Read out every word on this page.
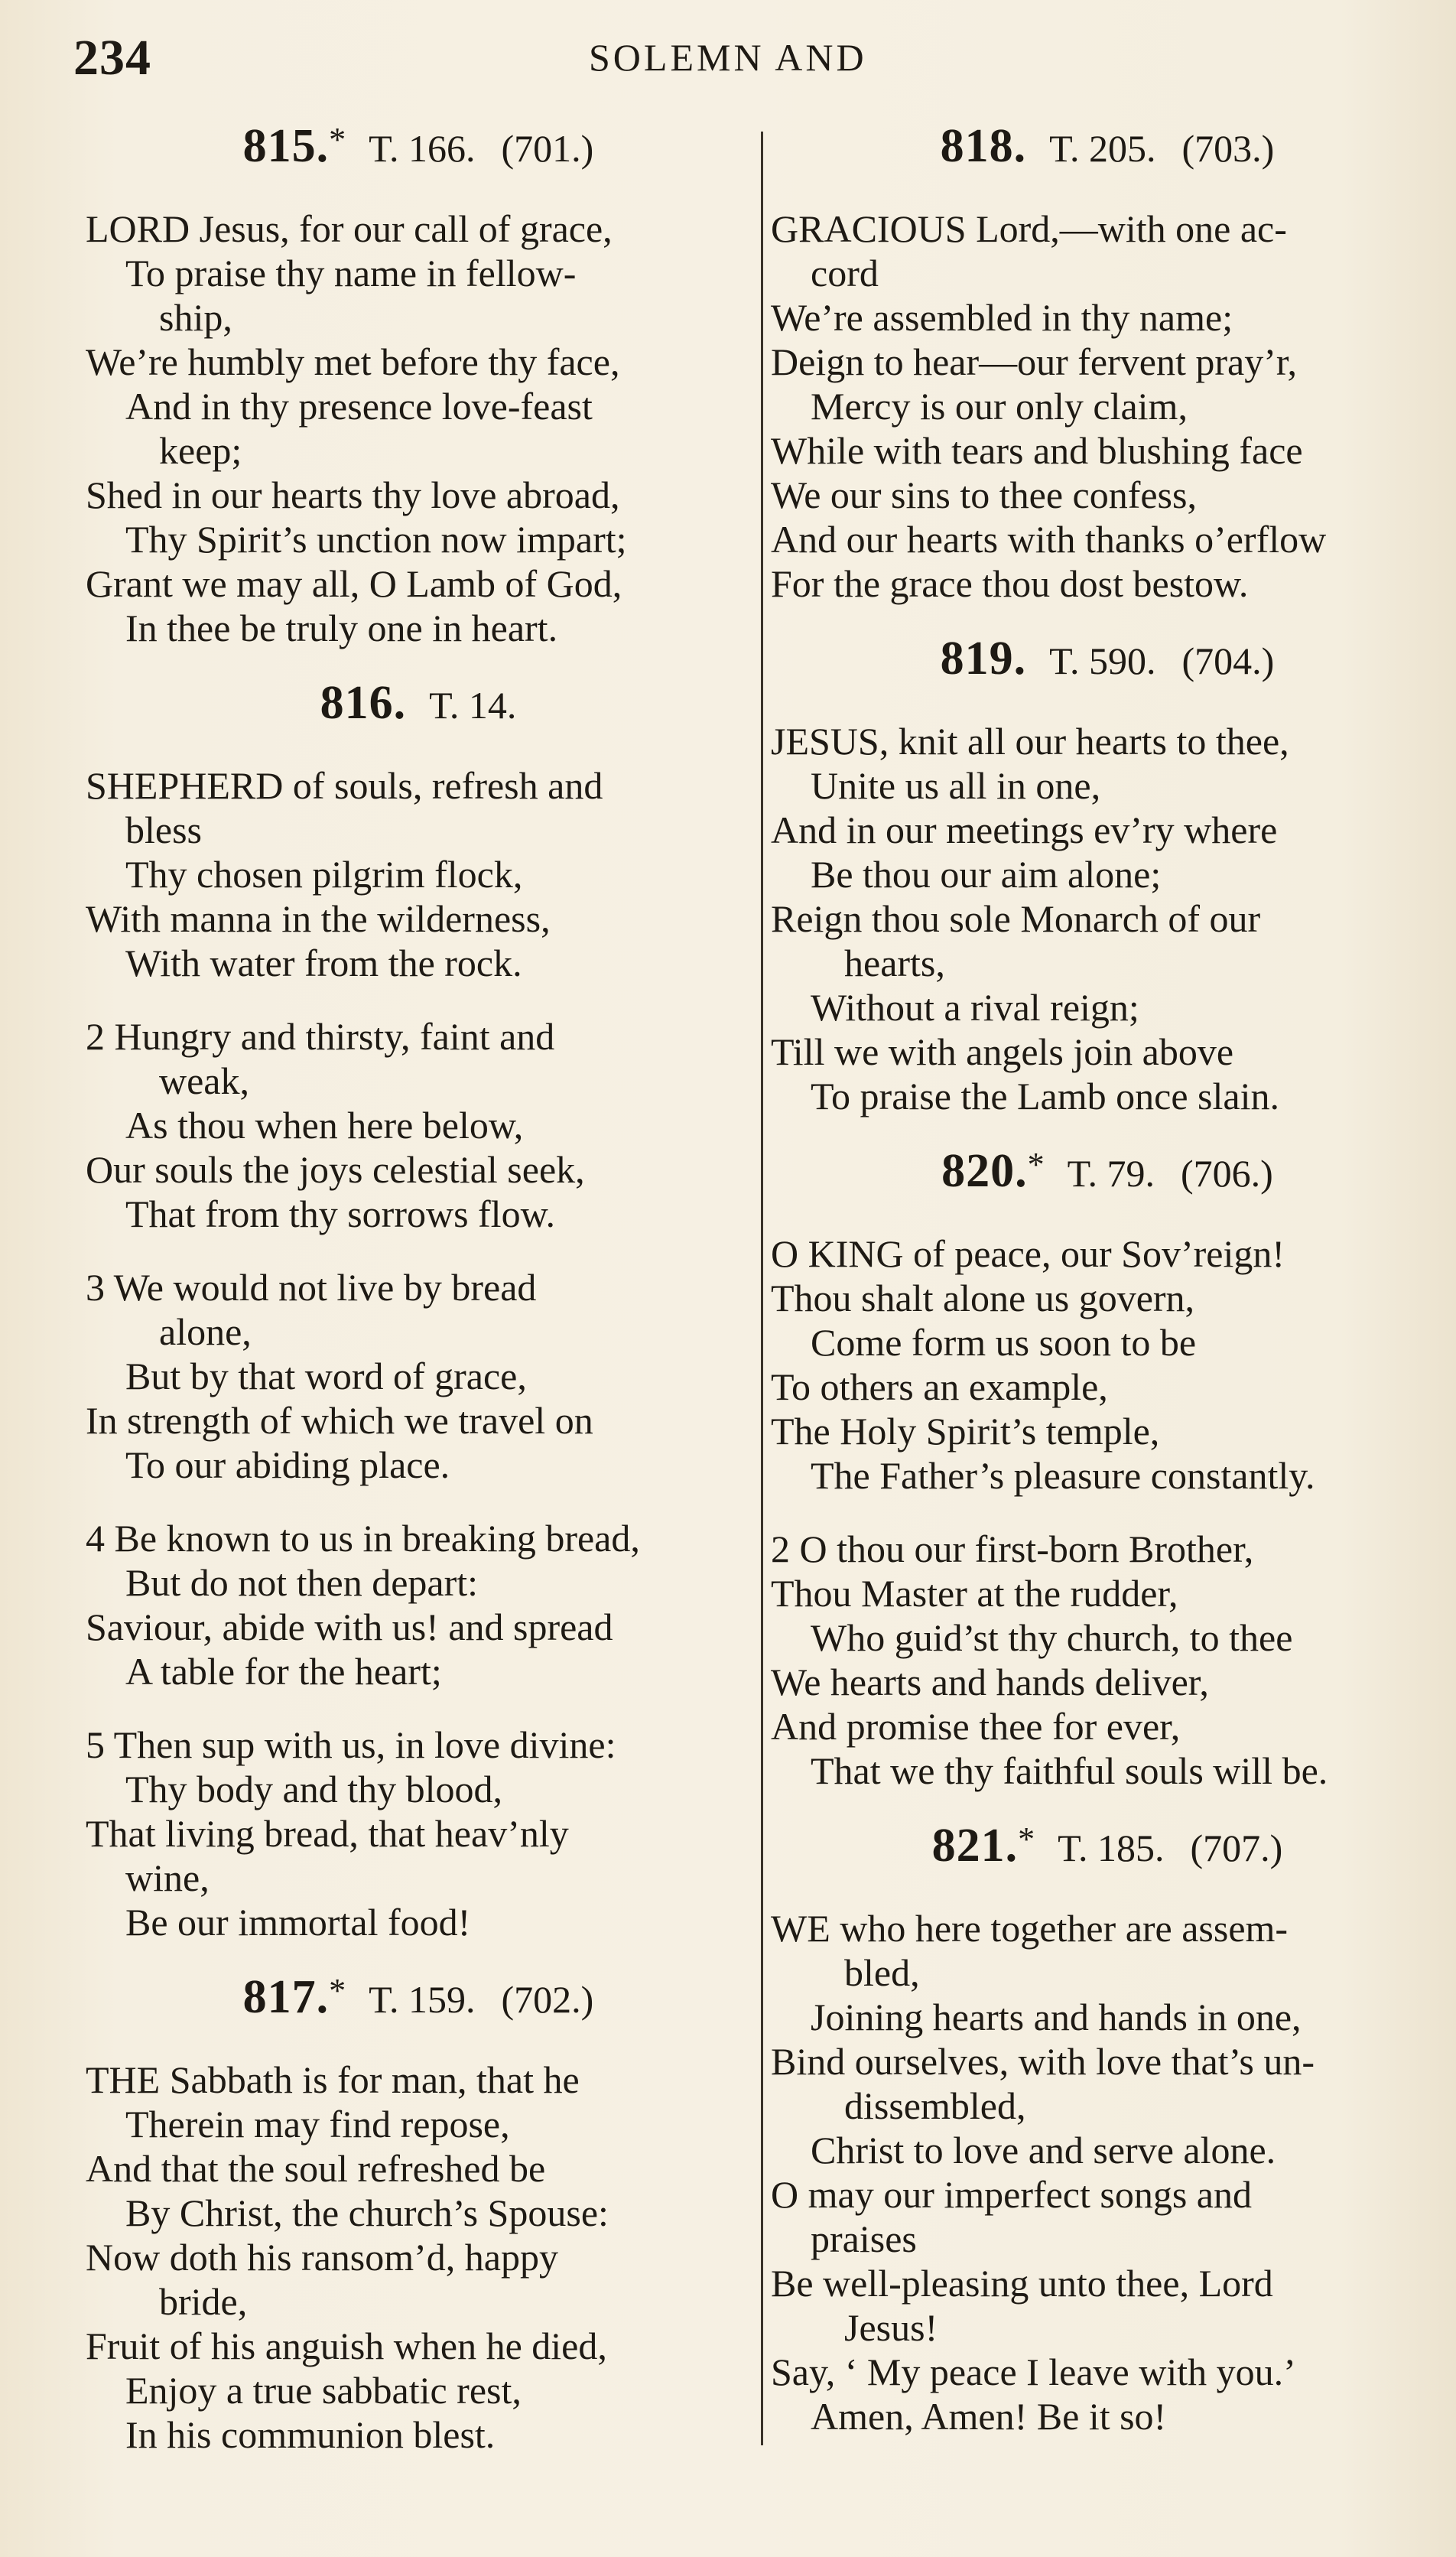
234	SOLEMN AND
815.* T. 166. (701.)
LORD Jesus, for our call of grace,
To praise thy name in fellow-
ship,
We’re humbly met before thy face,
And in thy presence love-feast
keep;
Shed in our hearts thy love abroad,
Thy Spirit’s unction now impart;
Grant we may all, O Lamb of God,
In thee be truly one in heart.
816. T. 14.
SHEPHERD of souls, refresh and
bless
Thy chosen pilgrim flock,
With manna in the wilderness,
With water from the rock.
2 Hungry and thirsty, faint and
weak,
As thou when here below,
Our souls the joys celestial seek,
That from thy sorrows flow.
3 We would not live by bread
alone,
But by that word of grace,
In strength of which we travel on
To our abiding place.
4 Be known to us in breaking bread,
But do not then depart:
Saviour, abide with us! and spread
A table for the heart;
5 Then sup with us, in love divine:
Thy body and thy blood,
That living bread, that heav’nly
wine,
Be our immortal food!
817.* T. 159. (702.)
THE Sabbath is for man, that he
Therein may find repose,
And that the soul refreshed be
By Christ, the church’s Spouse:
Now doth his ransom’d, happy
bride,
Fruit of his anguish when he died,
Enjoy a true sabbatic rest,
In his communion blest.
818. T. 205. (703.)
GRACIOUS Lord,—with one ac-
cord
We’re assembled in thy name;
Deign to hear—our fervent pray’r,
Mercy is our only claim,
While with tears and blushing face
We our sins to thee confess,
And our hearts with thanks o’erflow
For the grace thou dost bestow.
819. T. 590. (704.)
JESUS, knit all our hearts to thee,
Unite us all in one,
And in our meetings ev’ry where
Be thou our aim alone;
Reign thou sole Monarch of our
hearts,
Without a rival reign;
Till we with angels join above
To praise the Lamb once slain.
820.* T. 79. (706.)
O KING of peace, our Sov’reign!
Thou shalt alone us govern,
Come form us soon to be
To others an example,
The Holy Spirit’s temple,
The Father’s pleasure constantly.
2 O thou our first-born Brother,
Thou Master at the rudder,
Who guid’st thy church, to thee
We hearts and hands deliver,
And promise thee for ever,
That we thy faithful souls will be.
821.* T. 185. (707.)
WE who here together are assem-
bled,
Joining hearts and hands in one,
Bind ourselves, with love that’s un-
dissembled,
Christ to love and serve alone.
O may our imperfect songs and
praises
Be well-pleasing unto thee, Lord
Jesus!
Say, ‘ My peace I leave with you.’
Amen, Amen! Be it so!
